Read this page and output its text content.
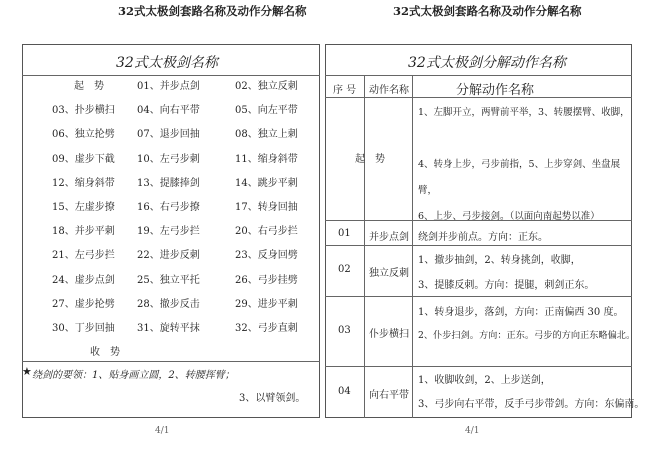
32式太极剑套路名称及动作分解名称
32式太极剑名称
起　势	01、并步点剑	02、独立反刺
03、扑步横扫 04、向右平带	05、向左平带
06、独立抡劈 07、退步回抽	08、独立上刺
09、虚步下截 10、左弓步刺	11、缩身斜带
12、缩身斜带 13、提膝捧剑	14、跳步平刺
15、左虚步撩 16、右弓步撩	17、转身回抽
18、并步平刺 19、左弓步拦	20、右弓步拦
21、左弓步拦 22、进步反刺	23、反身回劈
24、虚步点剑 25、独立平托	26、弓步挂劈
27、虚步抡劈 28、撤步反击	29、进步平刺
30、丁步回抽 31、旋转平抹	32、弓步直刺
收　势
★ 绕剑的要领：1、贴身画立圆，2、转腰挥臂；
3、以臂领剑。
4/1
32式太极剑套路名称及动作分解名称
32式太极剑分解动作名称
序 号 动作名称	分解动作名称
起　势
1、左脚开立，两臂前平举，3、转腰摆臂、收脚，

4、转身上步，弓步前指，5、上步穿剑、坐盘展
臂，
6、上步、弓步接剑。（以面向南起势以准）
01 并步点剑 绕剑并步前点。方向：正东。
02 独立反刺
1、撤步抽剑，2、转身挑剑，收脚，
3、提膝反刺。方向：提腿，刺剑正东。
03 仆步横扫
1、转身退步，落剑，方向：正南偏西 30 度。
2、仆步扫剑。方向：正东。弓步的方向正东略偏北。
04 向右平带
1、收脚收剑，2、上步送剑，
3、弓步向右平带，反手弓步带剑。方向：东偏南。
4/1
